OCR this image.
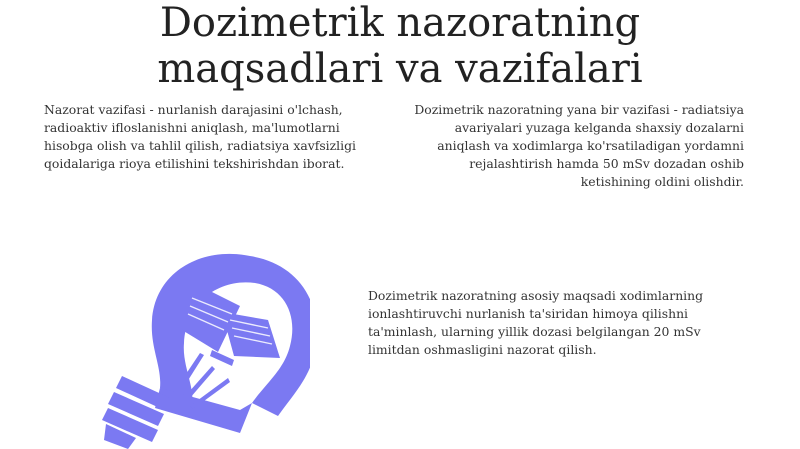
Dozimetrik nazoratning
maqsadlari va vazifalari
Nazorat vazifasi - nurlanish darajasini o'lchash, radioaktiv ifloslanishni aniqlash, ma'lumotlarni hisobga olish va tahlil qilish, radiatsiya xavfsizligi qoidalariga rioya etilishini tekshirishdan iborat.
Dozimetrik nazoratning yana bir vazifasi - radiatsiya avariyalari yuzaga kelganda shaxsiy dozalarni aniqlash va xodimlarga ko'rsatiladigan yordamni rejalashtirish hamda 50 mSv dozadan oshib ketishining oldini olishdir.
Dozimetrik nazoratning asosiy maqsadi xodimlarning ionlashtiruvchi nurlanish ta'siridan himoya qilishni ta'minlash, ularning yillik dozasi belgilangan 20 mSv limitdan oshmasligini nazorat qilish.
